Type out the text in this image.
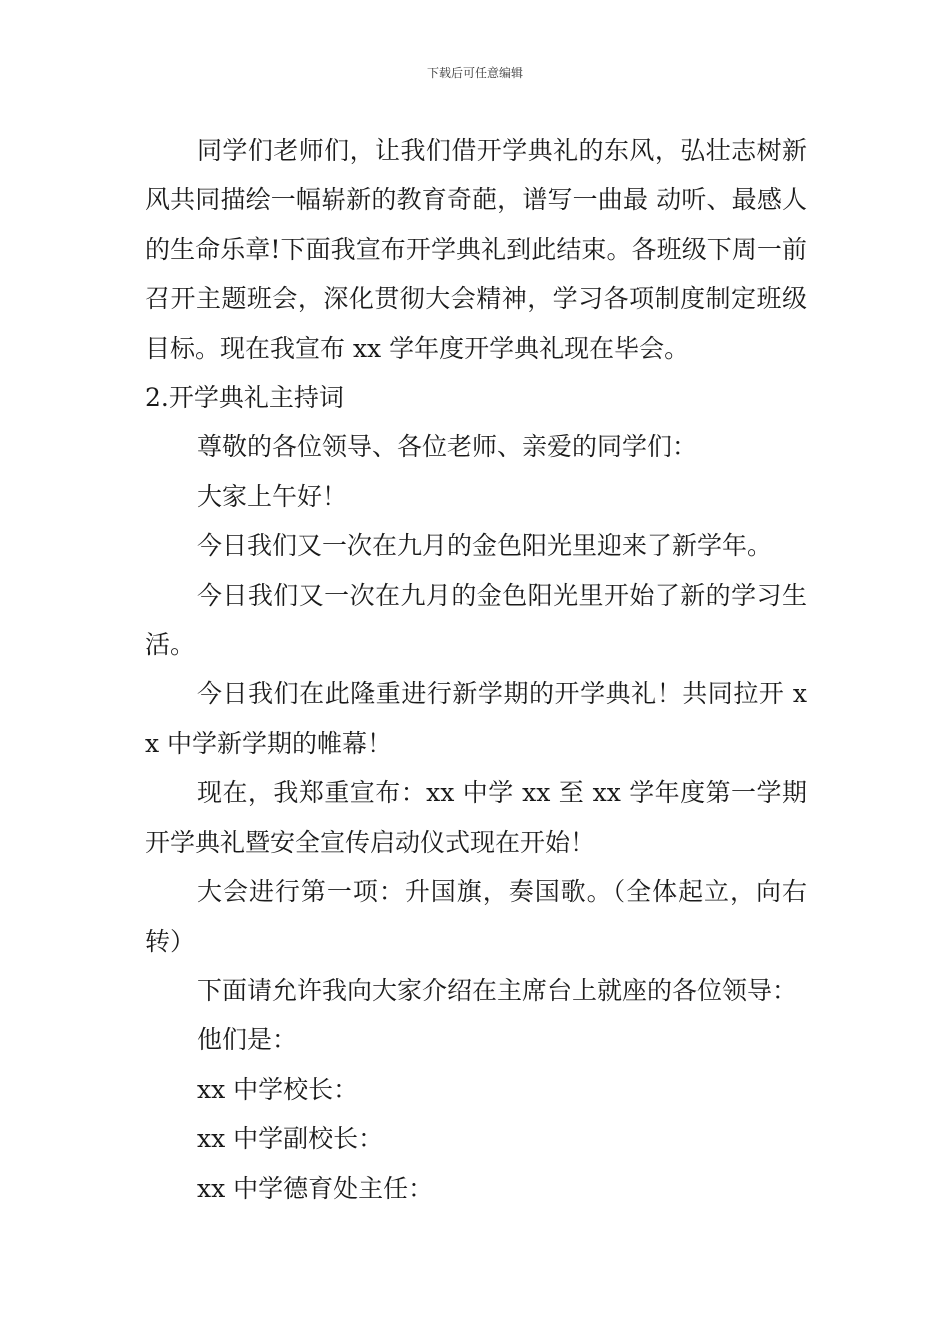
下载后可任意编辑

同学们老师们，让我们借开学典礼的东风，弘壮志树新风共同描绘一幅崭新的教育奇葩，谱写一曲最 动听、最感人的生命乐章!下面我宣布开学典礼到此结束。各班级下周一前召开主题班会，深化贯彻大会精神，学习各项制度制定班级目标。现在我宣布 xx 学年度开学典礼现在毕会。

2.开学典礼主持词

尊敬的各位领导、各位老师、亲爱的同学们：

大家上午好！

今日我们又一次在九月的金色阳光里迎来了新学年。

今日我们又一次在九月的金色阳光里开始了新的学习生活。

今日我们在此隆重进行新学期的开学典礼！共同拉开 xx 中学新学期的帷幕！

现在，我郑重宣布：xx 中学 xx 至 xx 学年度第一学期开学典礼暨安全宣传启动仪式现在开始！

大会进行第一项：升国旗，奏国歌。（全体起立，向右转）

下面请允许我向大家介绍在主席台上就座的各位领导：

他们是：

xx 中学校长：

xx 中学副校长：

xx 中学德育处主任：
